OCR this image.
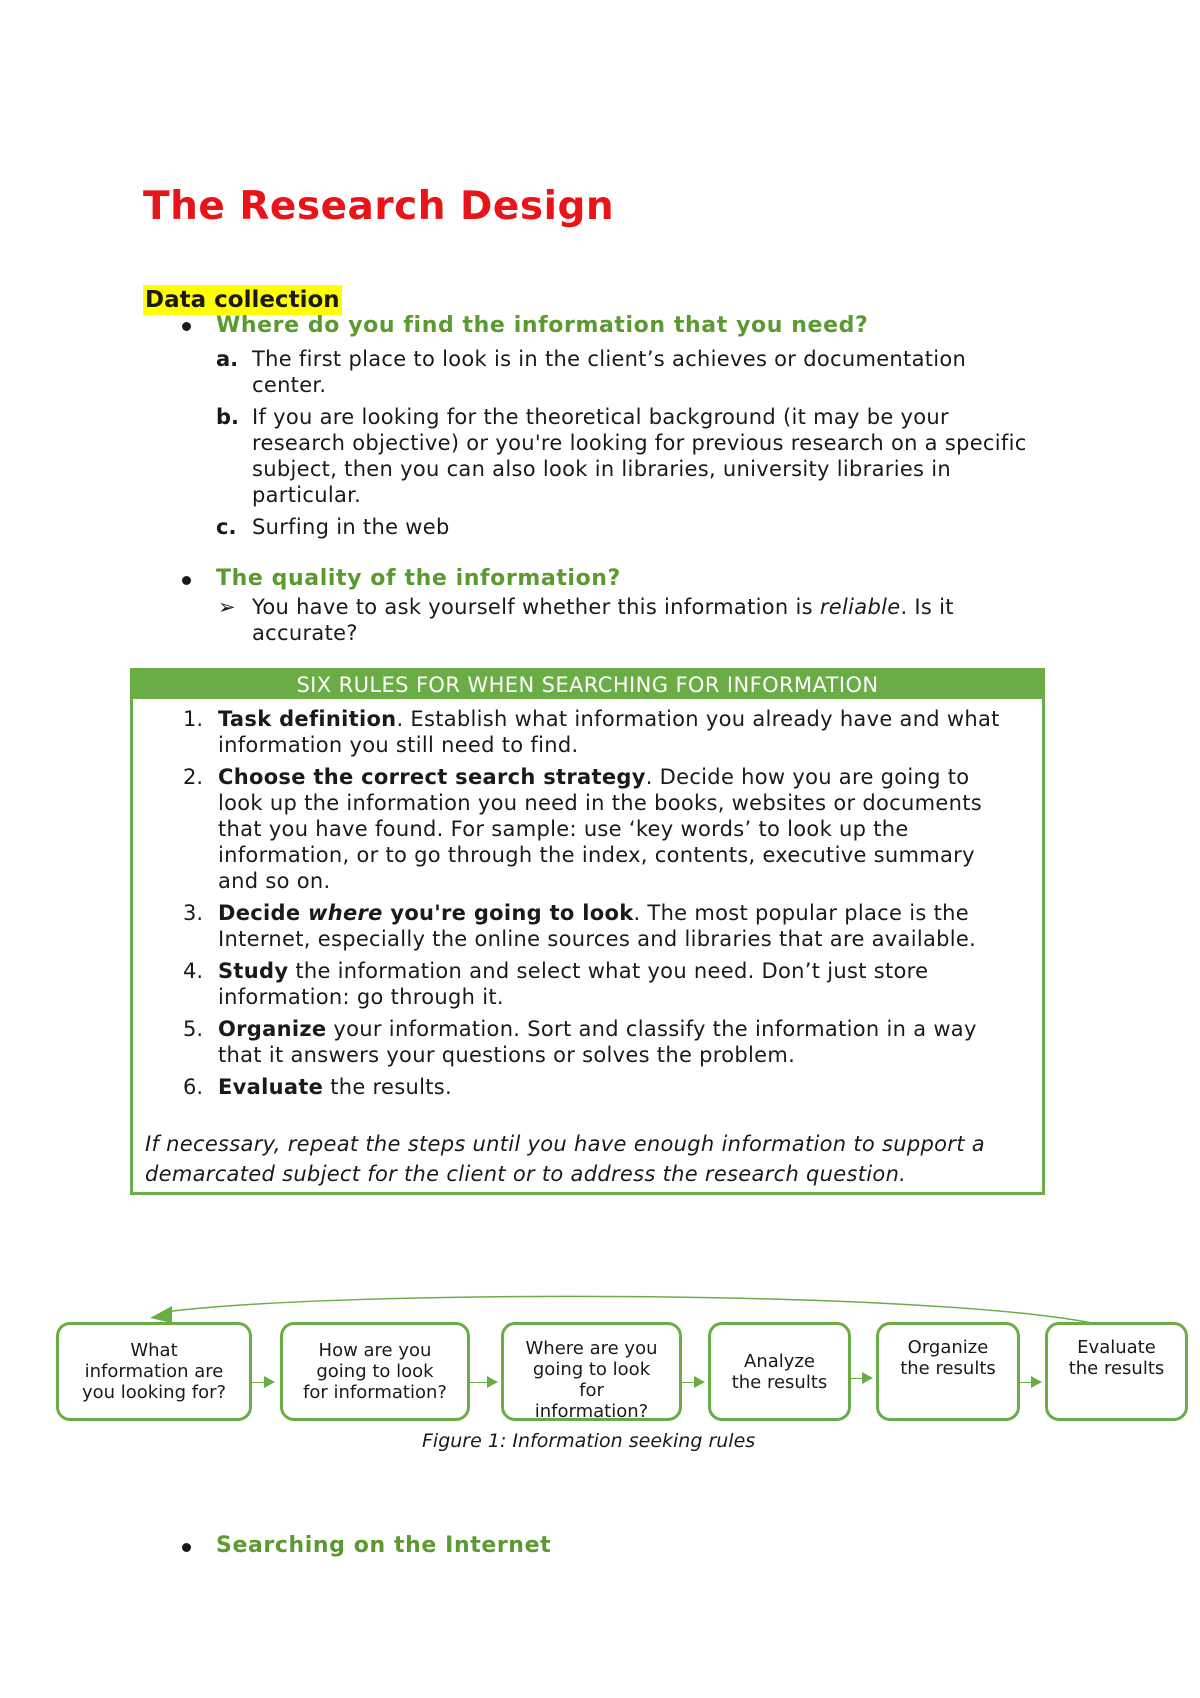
The Research Design
Data collection
Where do you find the information that you need?
a. The first place to look is in the client’s achieves or documentation
center.
b. If you are looking for the theoretical background (it may be your
research objective) or you're looking for previous research on a specific
subject, then you can also look in libraries, university libraries in
particular.
c. Surfing in the web
The quality of the information?
➢ You have to ask yourself whether this information is reliable. Is it
accurate?
SIX RULES FOR WHEN SEARCHING FOR INFORMATION
1. Task definition. Establish what information you already have and what
information you still need to find.
2. Choose the correct search strategy. Decide how you are going to
look up the information you need in the books, websites or documents
that you have found. For sample: use ‘key words’ to look up the
information, or to go through the index, contents, executive summary
and so on.
3. Decide where you're going to look. The most popular place is the
Internet, especially the online sources and libraries that are available.
4. Study the information and select what you need. Don’t just store
information: go through it.
5. Organize your information. Sort and classify the information in a way
that it answers your questions or solves the problem.
6. Evaluate the results.
If necessary, repeat the steps until you have enough information to support a
demarcated subject for the client or to address the research question.
What
information are
you looking for?
How are you
going to look
for information?
Where are you
going to look
for
information?
Analyze
the results
Organize
the results
Evaluate
the results
Figure 1: Information seeking rules
Searching on the Internet
